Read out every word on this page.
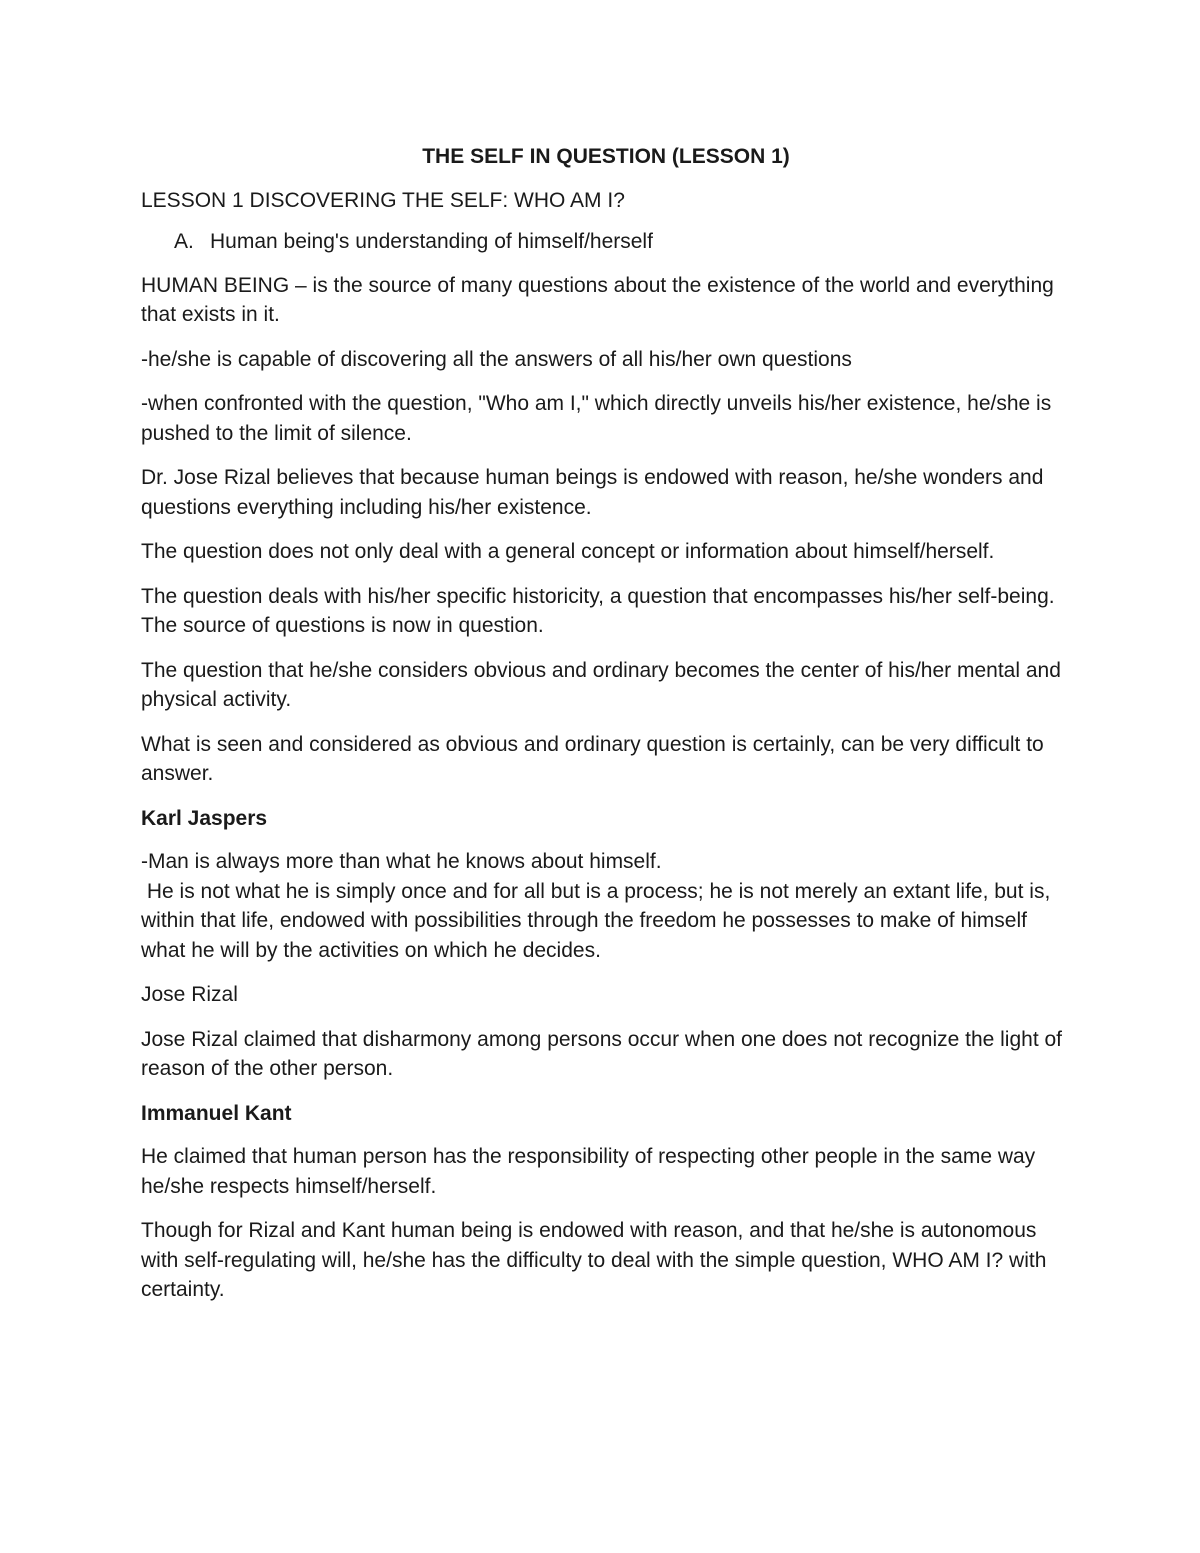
THE SELF IN QUESTION (LESSON 1)

LESSON 1 DISCOVERING THE SELF: WHO AM I?

A. Human being's understanding of himself/herself

HUMAN BEING – is the source of many questions about the existence of the world and everything that exists in it.

-he/she is capable of discovering all the answers of all his/her own questions

-when confronted with the question, "Who am I," which directly unveils his/her existence, he/she is pushed to the limit of silence.

Dr. Jose Rizal believes that because human beings is endowed with reason, he/she wonders and questions everything including his/her existence.

The question does not only deal with a general concept or information about himself/herself.

The question deals with his/her specific historicity, a question that encompasses his/her self-being. The source of questions is now in question.

The question that he/she considers obvious and ordinary becomes the center of his/her mental and physical activity.

What is seen and considered as obvious and ordinary question is certainly, can be very difficult to answer.

Karl Jaspers

-Man is always more than what he knows about himself.

He is not what he is simply once and for all but is a process; he is not merely an extant life, but is, within that life, endowed with possibilities through the freedom he possesses to make of himself what he will by the activities on which he decides.

Jose Rizal

Jose Rizal claimed that disharmony among persons occur when one does not recognize the light of reason of the other person.

Immanuel Kant

He claimed that human person has the responsibility of respecting other people in the same way he/she respects himself/herself.

Though for Rizal and Kant human being is endowed with reason, and that he/she is autonomous with self-regulating will, he/she has the difficulty to deal with the simple question, WHO AM I? with certainty.
